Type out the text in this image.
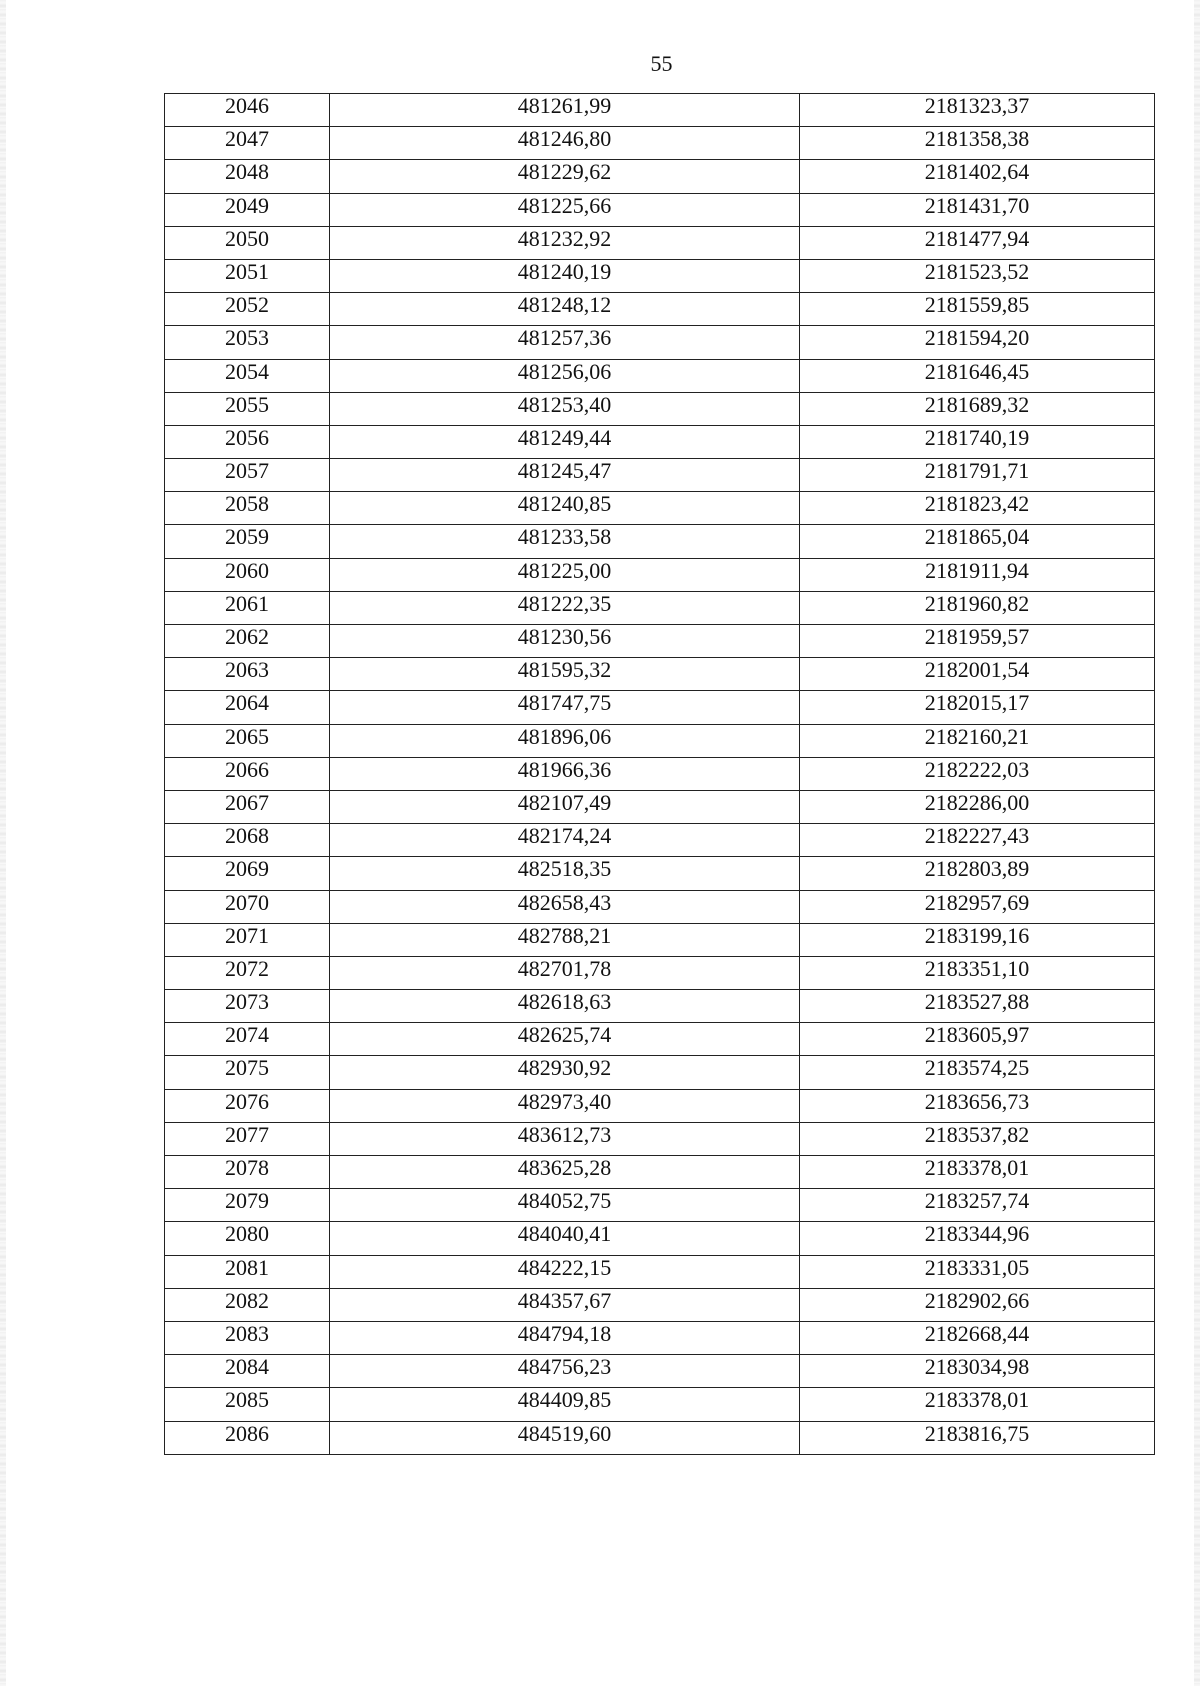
55
2046	481261,99	2181323,37
2047	481246,80	2181358,38
2048	481229,62	2181402,64
2049	481225,66	2181431,70
2050	481232,92	2181477,94
2051	481240,19	2181523,52
2052	481248,12	2181559,85
2053	481257,36	2181594,20
2054	481256,06	2181646,45
2055	481253,40	2181689,32
2056	481249,44	2181740,19
2057	481245,47	2181791,71
2058	481240,85	2181823,42
2059	481233,58	2181865,04
2060	481225,00	2181911,94
2061	481222,35	2181960,82
2062	481230,56	2181959,57
2063	481595,32	2182001,54
2064	481747,75	2182015,17
2065	481896,06	2182160,21
2066	481966,36	2182222,03
2067	482107,49	2182286,00
2068	482174,24	2182227,43
2069	482518,35	2182803,89
2070	482658,43	2182957,69
2071	482788,21	2183199,16
2072	482701,78	2183351,10
2073	482618,63	2183527,88
2074	482625,74	2183605,97
2075	482930,92	2183574,25
2076	482973,40	2183656,73
2077	483612,73	2183537,82
2078	483625,28	2183378,01
2079	484052,75	2183257,74
2080	484040,41	2183344,96
2081	484222,15	2183331,05
2082	484357,67	2182902,66
2083	484794,18	2182668,44
2084	484756,23	2183034,98
2085	484409,85	2183378,01
2086	484519,60	2183816,75
